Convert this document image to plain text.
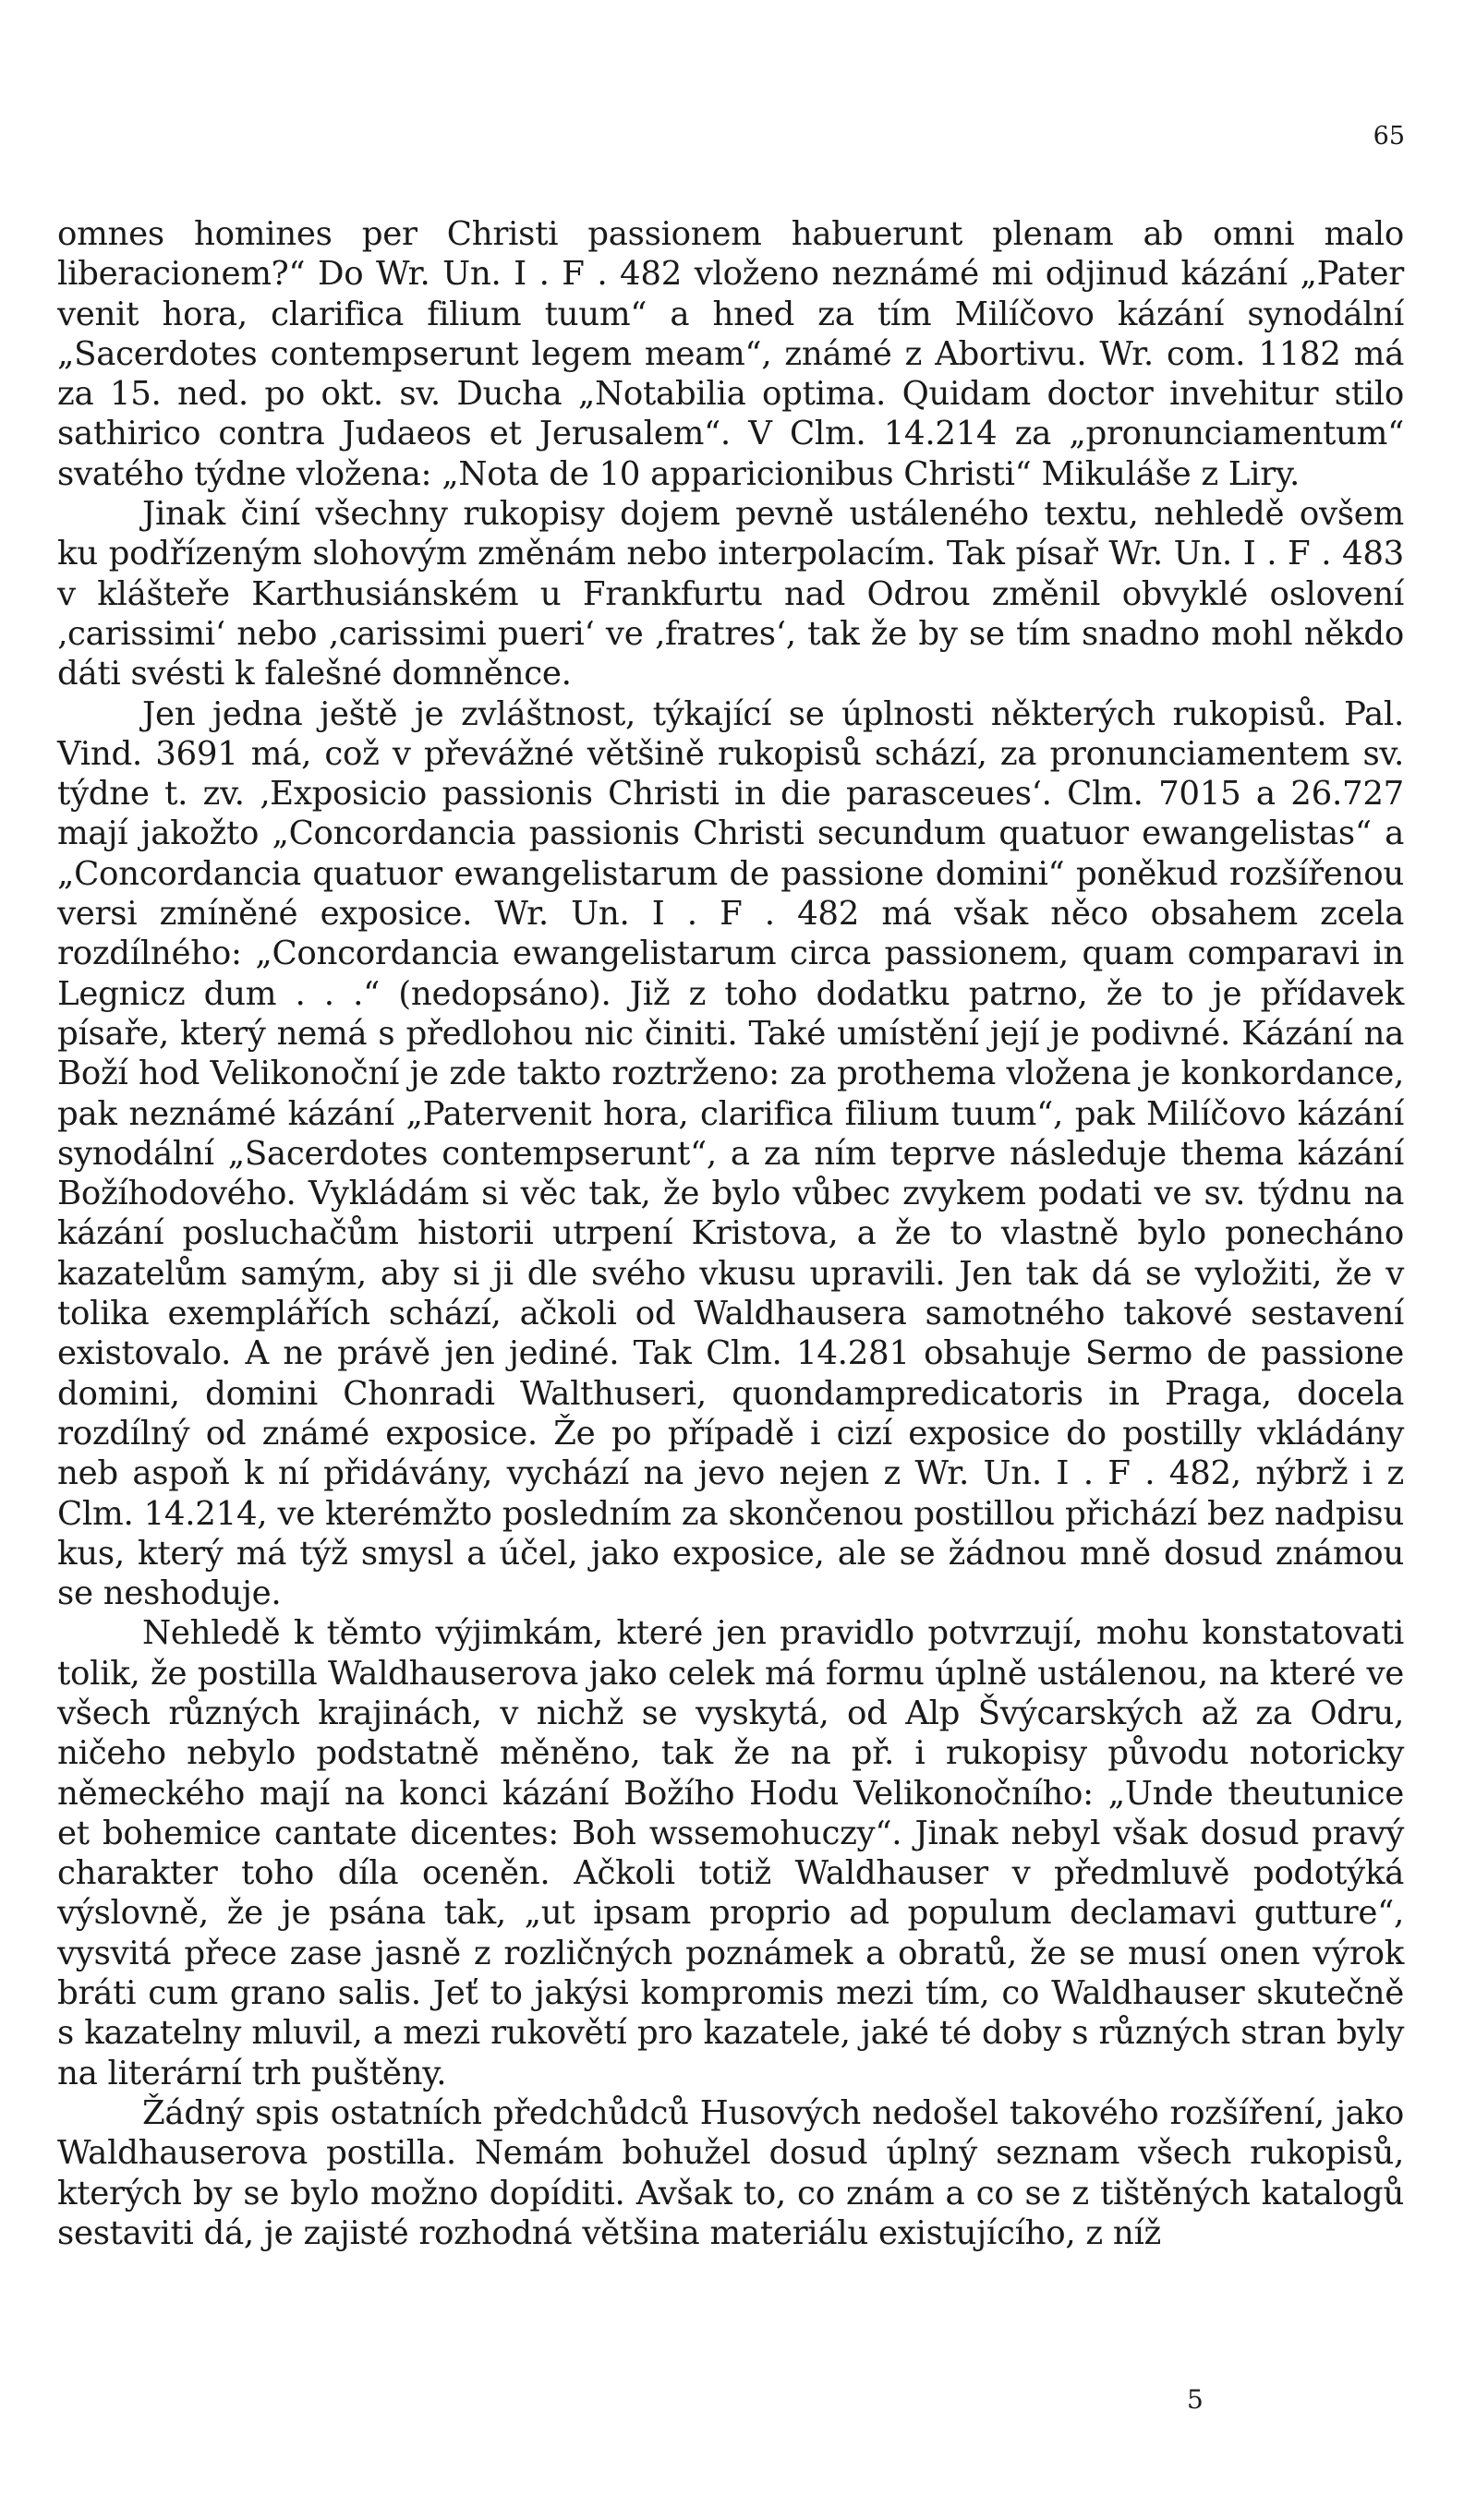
65

omnes homines per Christi passionem habuerunt plenam ab omni malo liberacionem?“ Do Wr. Un. I . F . 482 vloženo neznámé mi odjinud kázání „Pater venit hora, clarifica filium tuum“ a hned za tím Milíčovo kázání synodální „Sacerdotes contempserunt legem meam“, známé z Abortivu. Wr. com. 1182 má za 15. ned. po okt. sv. Ducha „Notabilia optima. Quidam doctor invehitur stilo sathirico contra Judaeos et Jerusalem“. V Clm. 14.214 za „pronunciamentum“ svatého týdne vložena: „Nota de 10 apparicionibus Christi“ Mikuláše z Liry.

Jinak činí všechny rukopisy dojem pevně ustáleného textu, nehledě ovšem ku podřízeným slohovým změnám nebo interpolacím. Tak písař Wr. Un. I . F . 483 v klášteře Karthusiánském u Frankfurtu nad Odrou změnil obvyklé oslovení ‚carissimi‘ nebo ‚carissimi pueri‘ ve ‚fratres‘, tak že by se tím snadno mohl někdo dáti svésti k falešné domněnce.

Jen jedna ještě je zvláštnost, týkající se úplnosti některých rukopisů. Pal. Vind. 3691 má, což v převážné většině rukopisů schází, za pronunciamentem sv. týdne t. zv. ‚Exposicio passionis Christi in die parasceues‘. Clm. 7015 a 26.727 mají jakožto „Concordancia passionis Christi secundum quatuor ewangelistas“ a „Concordancia quatuor ewangelistarum de passione domini“ poněkud rozšířenou versi zmíněné exposice. Wr. Un. I . F . 482 má však něco obsahem zcela rozdílného: „Concordancia ewangelistarum circa passionem, quam comparavi in Legnicz dum . . .“ (nedopsáno). Již z toho dodatku patrno, že to je přídavek písaře, který nemá s předlohou nic činiti. Také umístění její je podivné. Kázání na Boží hod Velikonoční je zde takto roztrženo: za prothema vložena je konkordance, pak neznámé kázání „Patervenit hora, clarifica filium tuum“, pak Milíčovo kázání synodální „Sacerdotes contempserunt“, a za ním teprve následuje thema kázání Božíhodového. Vykládám si věc tak, že bylo vůbec zvykem podati ve sv. týdnu na kázání posluchačům historii utrpení Kristova, a že to vlastně bylo ponecháno kazatelům samým, aby si ji dle svého vkusu upravili. Jen tak dá se vyložiti, že v tolika exemplářích schází, ačkoli od Waldhausera samotného takové sestavení existovalo. A ne právě jen jediné. Tak Clm. 14.281 obsahuje Sermo de passione domini, domini Chonradi Walthuseri, quondampredicatoris in Praga, docela rozdílný od známé exposice. Že po případě i cizí exposice do postilly vkládány neb aspoň k ní přidávány, vychází na jevo nejen z Wr. Un. I . F . 482, nýbrž i z Clm. 14.214, ve kterémžto posledním za skončenou postillou přichází bez nadpisu kus, který má týž smysl a účel, jako exposice, ale se žádnou mně dosud známou se neshoduje.

Nehledě k těmto výjimkám, které jen pravidlo potvrzují, mohu konstatovati tolik, že postilla Waldhauserova jako celek má formu úplně ustálenou, na které ve všech různých krajinách, v nichž se vyskytá, od Alp Švýcarských až za Odru, ničeho nebylo podstatně měněno, tak že na př. i rukopisy původu notoricky německého mají na konci kázání Božího Hodu Velikonočního: „Unde theutunice et bohemice cantate dicentes: Boh wssemohuczy“. Jinak nebyl však dosud pravý charakter toho díla oceněn. Ačkoli totiž Waldhauser v předmluvě podotýká výslovně, že je psána tak, „ut ipsam proprio ad populum declamavi gutture“, vysvitá přece zase jasně z rozličných poznámek a obratů, že se musí onen výrok bráti cum grano salis. Jeť to jakýsi kompromis mezi tím, co Waldhauser skutečně s kazatelny mluvil, a mezi rukovětí pro kazatele, jaké té doby s různých stran byly na literární trh puštěny.

Žádný spis ostatních předchůdců Husových nedošel takového rozšíření, jako Waldhauserova postilla. Nemám bohužel dosud úplný seznam všech rukopisů, kterých by se bylo možno dopíditi. Avšak to, co znám a co se z tištěných katalogů sestaviti dá, je zajisté rozhodná většina materiálu existujícího, z níž

5
